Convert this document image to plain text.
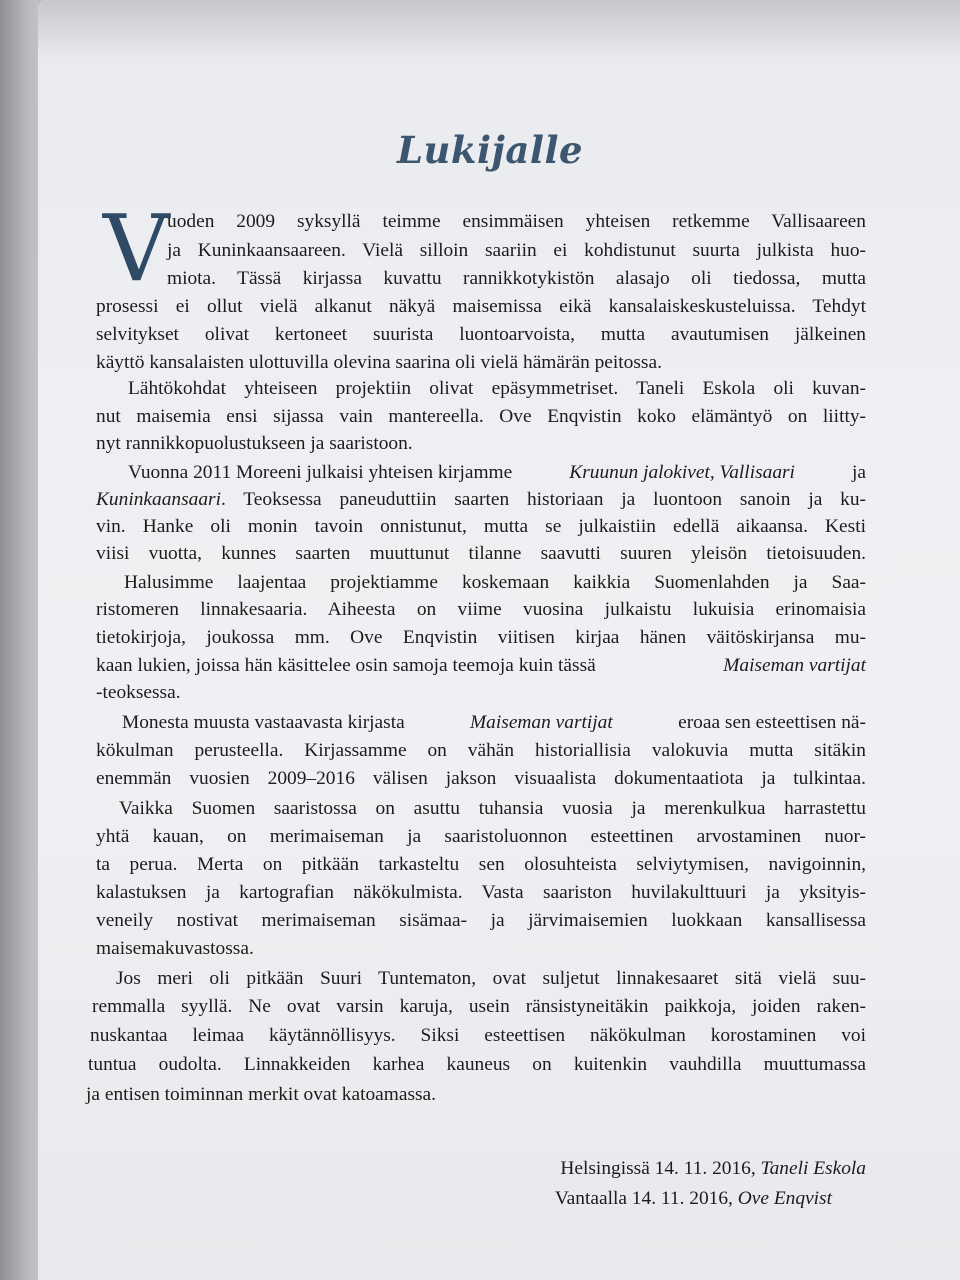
Lukijalle
V
uoden 2009 syksyllä teimme ensimmäisen yhteisen retkemme Vallisaareen
ja Kuninkaansaareen. Vielä silloin saariin ei kohdistunut suurta julkista huo-
miota. Tässä kirjassa kuvattu rannikkotykistön alasajo oli tiedossa, mutta
prosessi ei ollut vielä alkanut näkyä maisemissa eikä kansalaiskeskusteluissa. Tehdyt
selvitykset olivat kertoneet suurista luontoarvoista, mutta avautumisen jälkeinen
käyttö kansalaisten ulottuvilla olevina saarina oli vielä hämärän peitossa.
Lähtökohdat yhteiseen projektiin olivat epäsymmetriset. Taneli Eskola oli kuvan-
nut maisemia ensi sijassa vain mantereella. Ove Enqvistin koko elämäntyö on liitty-
nyt rannikkopuolustukseen ja saaristoon.
Vuonna 2011 Moreeni julkaisi yhteisen kirjamme	Kruunun jalokivet, Vallisaari	ja
Kuninkaansaari . Teoksessa paneuduttiin saarten historiaan ja luontoon sanoin ja ku-
vin. Hanke oli monin tavoin onnistunut, mutta se julkaistiin edellä aikaansa. Kesti
viisi vuotta, kunnes saarten muuttunut tilanne saavutti suuren yleisön tietoisuuden.
Halusimme laajentaa projektiamme koskemaan kaikkia Suomenlahden ja Saa-
ristomeren linnakesaaria. Aiheesta on viime vuosina julkaistu lukuisia erinomaisia
tietokirjoja, joukossa mm. Ove Enqvistin viitisen kirjaa hänen väitöskirjansa mu-
kaan lukien, joissa hän käsittelee osin samoja teemoja kuin tässä	Maiseman vartijat
-teoksessa.
Monesta muusta vastaavasta kirjasta	Maiseman vartijat	eroaa sen esteettisen nä-
kökulman perusteella. Kirjassamme on vähän historiallisia valokuvia mutta sitäkin
enemmän vuosien 2009–2016 välisen jakson visuaalista dokumentaatiota ja tulkintaa.
Vaikka Suomen saaristossa on asuttu tuhansia vuosia ja merenkulkua harrastettu
yhtä kauan, on merimaiseman ja saaristoluonnon esteettinen arvostaminen nuor-
ta perua. Merta on pitkään tarkasteltu sen olosuhteista selviytymisen, navigoinnin,
kalastuksen ja kartografian näkökulmista. Vasta saariston huvilakulttuuri ja yksityis-
veneily nostivat merimaiseman sisämaa- ja järvimaisemien luokkaan kansallisessa
maisemakuvastossa.
Jos meri oli pitkään Suuri Tuntematon, ovat suljetut linnakesaaret sitä vielä suu-
remmalla syyllä. Ne ovat varsin karuja, usein ränsistyneitäkin paikkoja, joiden raken-
nuskantaa leimaa käytännöllisyys. Siksi esteettisen näkökulman korostaminen voi
tuntua oudolta. Linnakkeiden karhea kauneus on kuitenkin vauhdilla muuttumassa
ja entisen toiminnan merkit ovat katoamassa.
Helsingissä 14. 11. 2016, Taneli Eskola
Vantaalla 14. 11. 2016, Ove Enqvist
